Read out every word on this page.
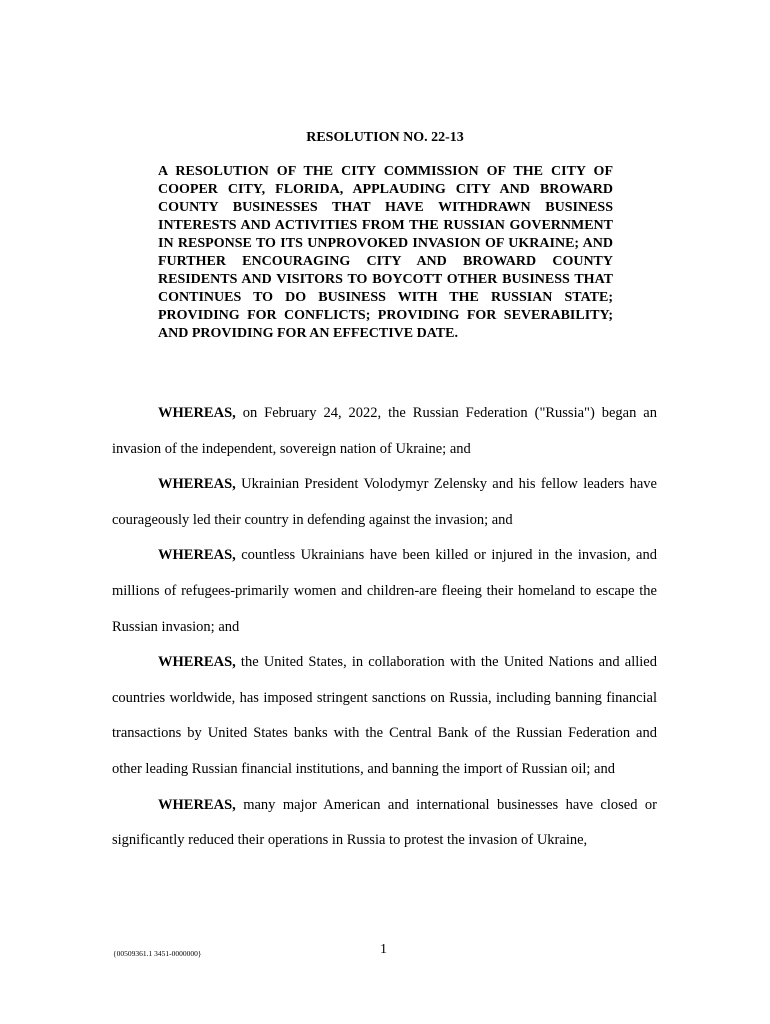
RESOLUTION NO. 22-13
A RESOLUTION OF THE CITY COMMISSION OF THE CITY OF COOPER CITY, FLORIDA, APPLAUDING CITY AND BROWARD COUNTY BUSINESSES THAT HAVE WITHDRAWN BUSINESS INTERESTS AND ACTIVITIES FROM THE RUSSIAN GOVERNMENT IN RESPONSE TO ITS UNPROVOKED INVASION OF UKRAINE; AND FURTHER ENCOURAGING CITY AND BROWARD COUNTY RESIDENTS AND VISITORS TO BOYCOTT OTHER BUSINESS THAT CONTINUES TO DO BUSINESS WITH THE RUSSIAN STATE; PROVIDING FOR CONFLICTS; PROVIDING FOR SEVERABILITY; AND PROVIDING FOR AN EFFECTIVE DATE.

WHEREAS, on February 24, 2022, the Russian Federation ("Russia") began an invasion of the independent, sovereign nation of Ukraine; and

WHEREAS, Ukrainian President Volodymyr Zelensky and his fellow leaders have courageously led their country in defending against the invasion; and

WHEREAS, countless Ukrainians have been killed or injured in the invasion, and millions of refugees-primarily women and children-are fleeing their homeland to escape the Russian invasion; and

WHEREAS, the United States, in collaboration with the United Nations and allied countries worldwide, has imposed stringent sanctions on Russia, including banning financial transactions by United States banks with the Central Bank of the Russian Federation and other leading Russian financial institutions, and banning the import of Russian oil; and

WHEREAS, many major American and international businesses have closed or significantly reduced their operations in Russia to protest the invasion of Ukraine,

{00509361.1 3451-0000000}	1
